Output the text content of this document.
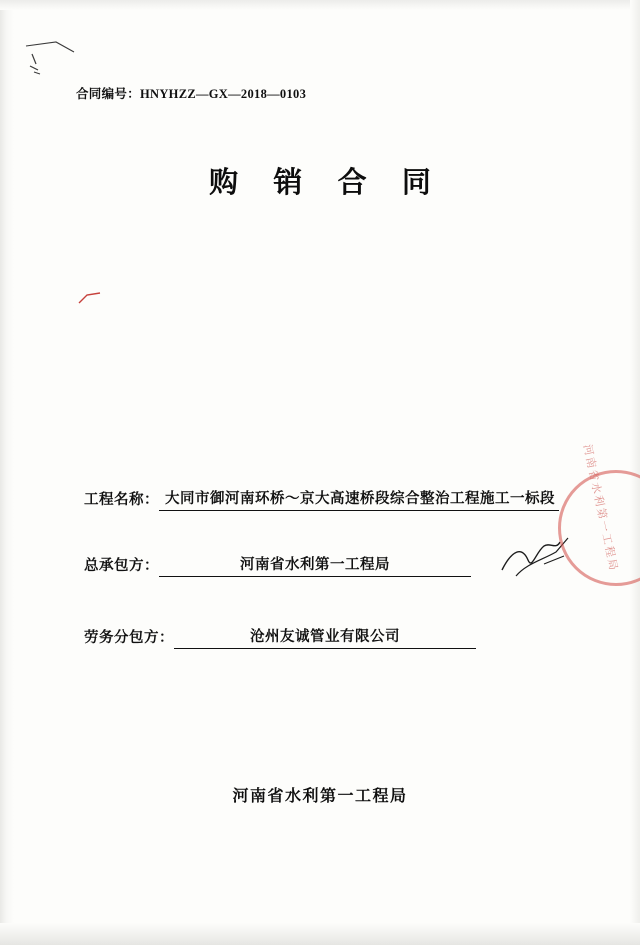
合同编号：HNYHZZ—GX—2018—0103
购 销 合 同
工程名称： 大同市御河南环桥～京大高速桥段综合整治工程施工一标段
总承包方：	河南省水利第一工程局
劳务分包方：	沧州友诚管业有限公司
河南省水利第一工程局
河南省水利第一工程局
